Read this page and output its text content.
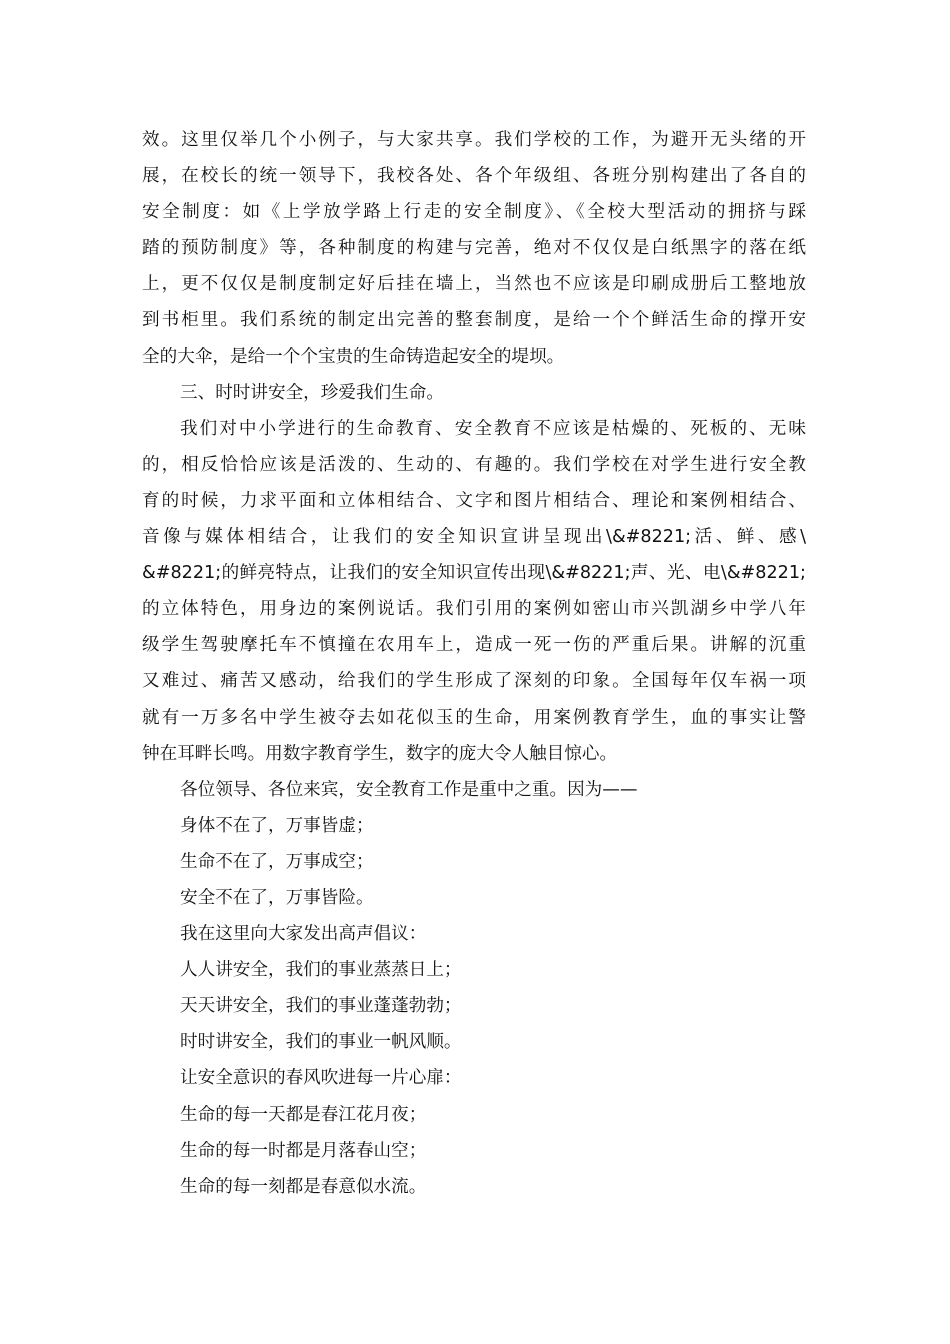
效。这里仅举几个小例子，与大家共享。我们学校的工作，为避开无头绪的开
展，在校长的统一领导下，我校各处、各个年级组、各班分别构建出了各自的
安全制度：如《上学放学路上行走的安全制度》、《全校大型活动的拥挤与踩
踏的预防制度》等，各种制度的构建与完善，绝对不仅仅是白纸黑字的落在纸
上，更不仅仅是制度制定好后挂在墙上，当然也不应该是印刷成册后工整地放
到书柜里。我们系统的制定出完善的整套制度，是给一个个鲜活生命的撑开安
全的大伞，是给一个个宝贵的生命铸造起安全的堤坝。
三、时时讲安全，珍爱我们生命。
我们对中小学进行的生命教育、安全教育不应该是枯燥的、死板的、无味
的，相反恰恰应该是活泼的、生动的、有趣的。我们学校在对学生进行安全教
育的时候，力求平面和立体相结合、文字和图片相结合、理论和案例相结合、
音像与媒体相结合，让我们的安全知识宣讲呈现出\&#8221;活、鲜、感\
&#8221;的鲜亮特点，让我们的安全知识宣传出现\&#8221;声、光、电\&#8221;
的立体特色，用身边的案例说话。我们引用的案例如密山市兴凯湖乡中学八年
级学生驾驶摩托车不慎撞在农用车上，造成一死一伤的严重后果。讲解的沉重
又难过、痛苦又感动，给我们的学生形成了深刻的印象。全国每年仅车祸一项
就有一万多名中学生被夺去如花似玉的生命，用案例教育学生，血的事实让警
钟在耳畔长鸣。用数字教育学生，数字的庞大令人触目惊心。
各位领导、各位来宾，安全教育工作是重中之重。因为——
身体不在了，万事皆虚；
生命不在了，万事成空；
安全不在了，万事皆险。
我在这里向大家发出高声倡议：
人人讲安全，我们的事业蒸蒸日上；
天天讲安全，我们的事业蓬蓬勃勃；
时时讲安全，我们的事业一帆风顺。
让安全意识的春风吹进每一片心扉：
生命的每一天都是春江花月夜；
生命的每一时都是月落春山空；
生命的每一刻都是春意似水流。
